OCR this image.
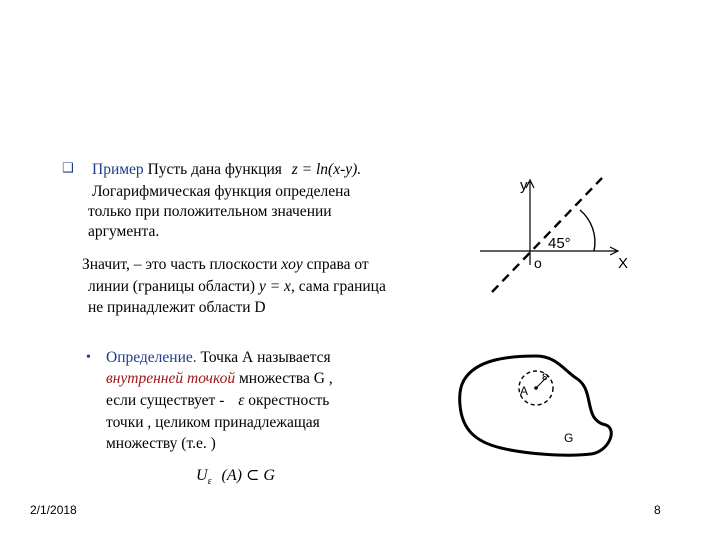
❑ Пример Пусть дана функция z = ln(x-y).
Логарифмическая функция определена
только при положительном значении
аргумента.
Значит, – это часть плоскости xoy справа от
линии (границы области) y = x, сама граница
не принадлежит области D
y
X
o
45°
• Определение. Точка А называется
внутренней точкой множества G ,
если существует - ε окрестность
точки , целиком принадлежащая
множеству (т.е. )
$U_\varepsilon$ (A) ⊂ G
A
ε
G
2/1/2018	8
